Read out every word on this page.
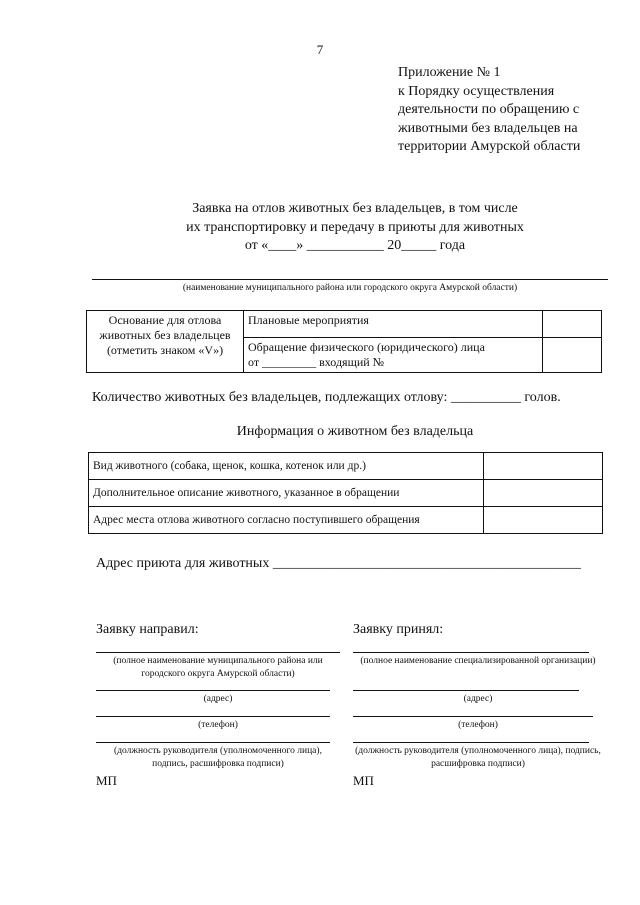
7
Приложение № 1
к Порядку осуществления
деятельности по обращению с
животными без владельцев на
территории Амурской области
Заявка на отлов животных без владельцев, в том числе
их транспортировку и передачу в приюты для животных
от «____» ___________ 20_____ года
(наименование муниципального района или городского округа Амурской области)
Основание для отлова животных без владельцев (отметить знаком «V»)	Плановые мероприятия	

	Обращение физического (юридического) лица
от _________ входящий №	

Количество животных без владельцев, подлежащих отлову: __________ голов.
Информация о животном без владельца
Вид животного (собака, щенок, кошка, котенок или др.)	
Дополнительное описание животного, указанное в обращении	
Адрес места отлова животного согласно поступившего обращения	
Адрес приюта для животных ____________________________________________
Заявку направил:
(полное наименование муниципального района или городского округа Амурской области)
(адрес)
(телефон)
(должность руководителя (уполномоченного лица), подпись, расшифровка подписи)
МП
Заявку принял:
(полное наименование специализированной организации)
(адрес)
(телефон)
(должность руководителя (уполномоченного лица), подпись, расшифровка подписи)
МП
